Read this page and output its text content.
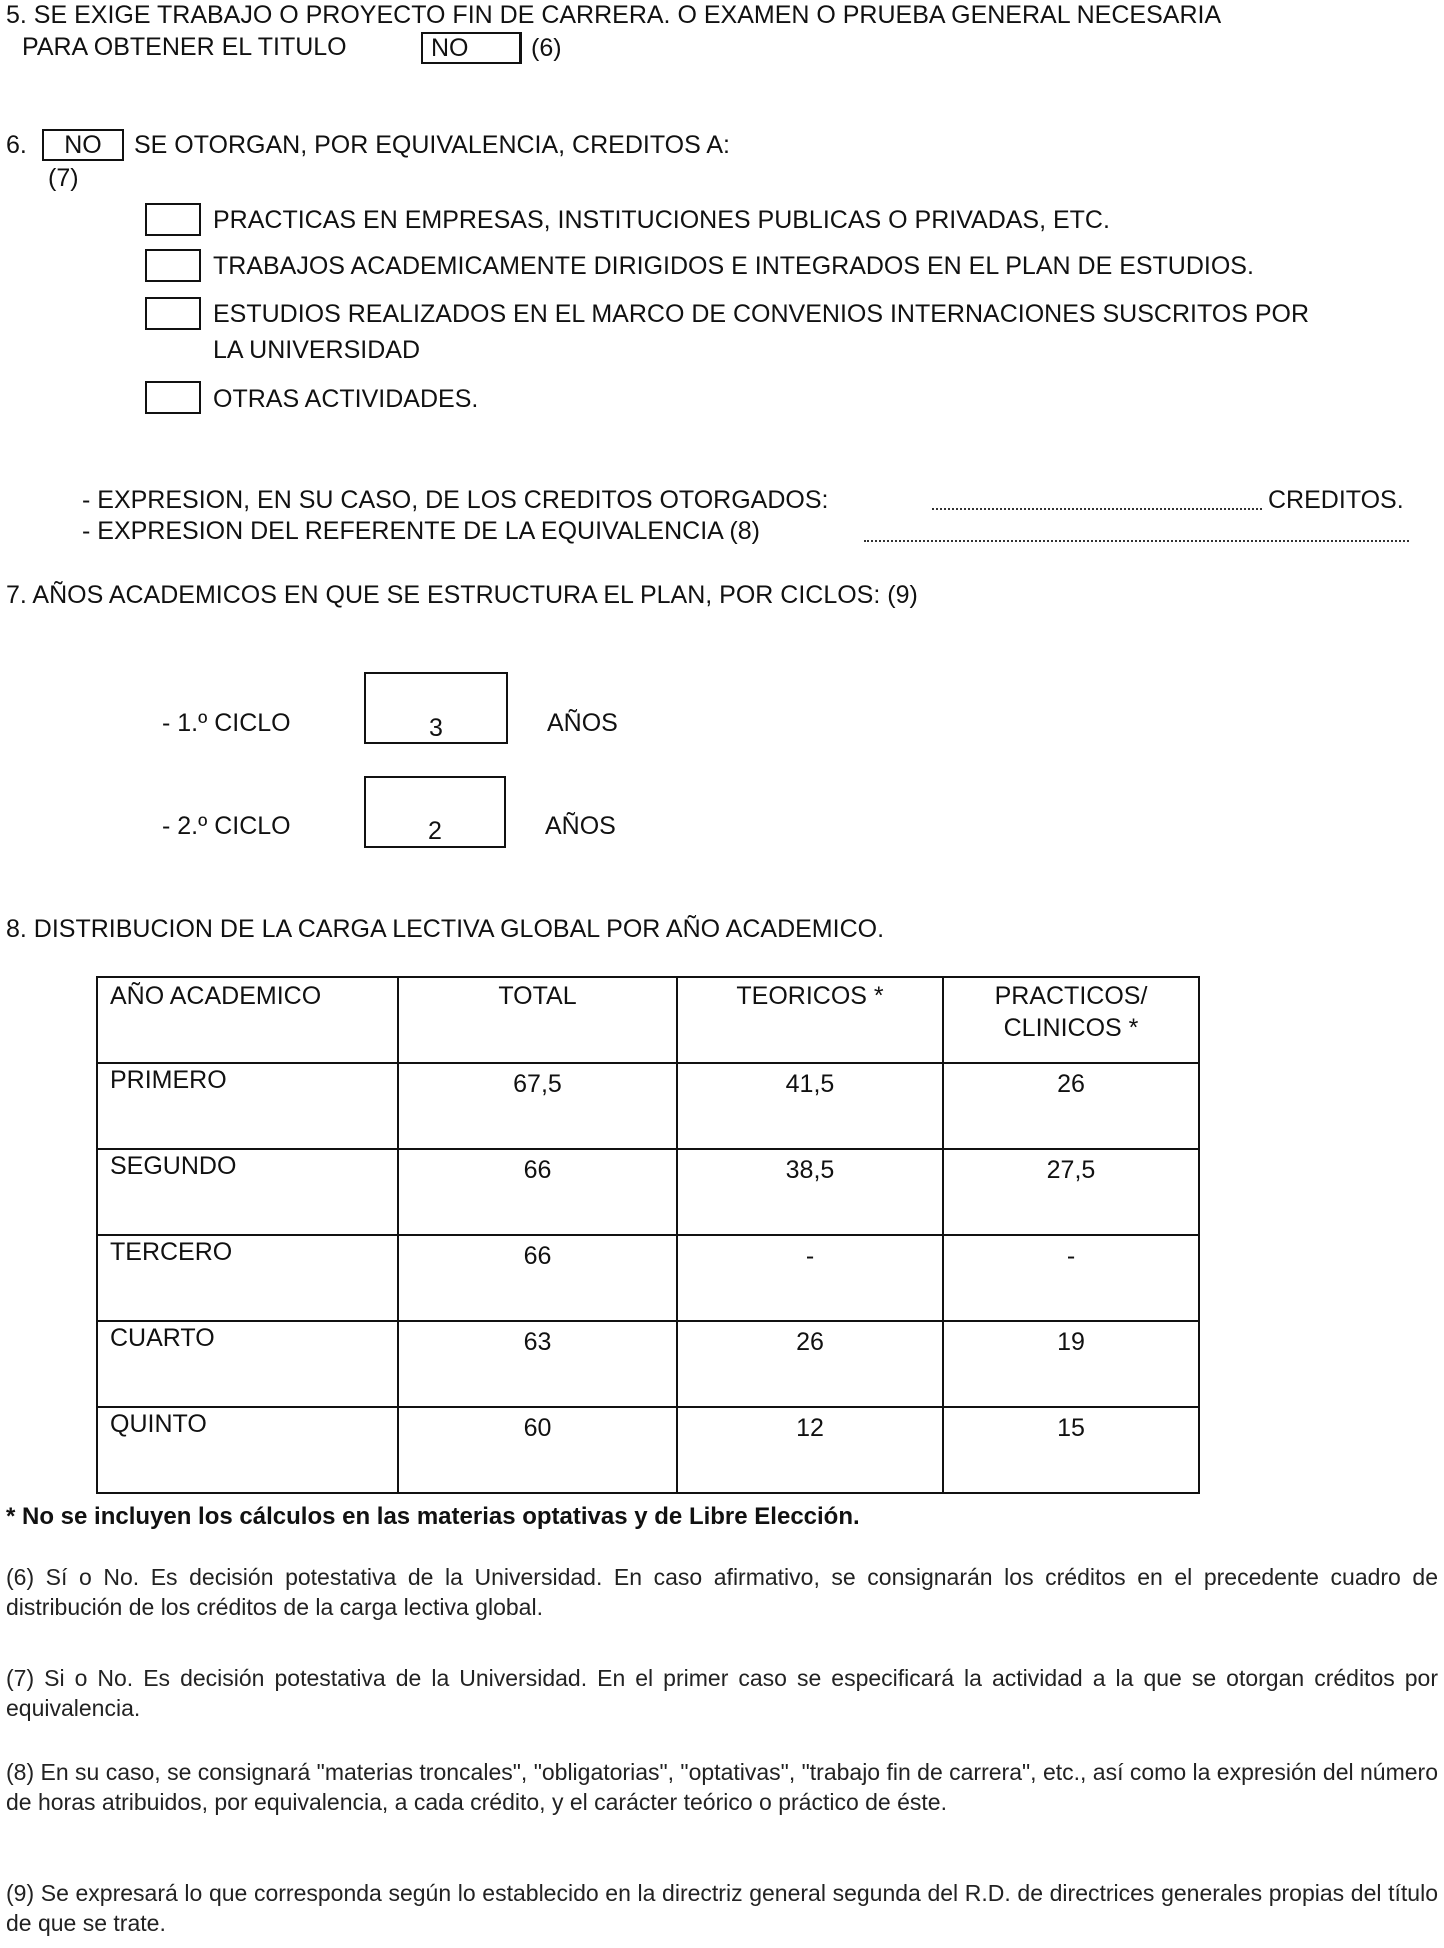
5. SE EXIGE TRABAJO O PROYECTO FIN DE CARRERA. O EXAMEN O PRUEBA GENERAL NECESARIA
PARA OBTENER EL TITULO	NO	(6)
6.	NO	SE OTORGAN, POR EQUIVALENCIA, CREDITOS A:
(7)
PRACTICAS EN EMPRESAS, INSTITUCIONES PUBLICAS O PRIVADAS, ETC.
TRABAJOS ACADEMICAMENTE DIRIGIDOS E INTEGRADOS EN EL PLAN DE ESTUDIOS.
ESTUDIOS REALIZADOS EN EL MARCO DE CONVENIOS INTERNACIONES SUSCRITOS POR
LA UNIVERSIDAD
OTRAS ACTIVIDADES.
- EXPRESION, EN SU CASO, DE LOS CREDITOS OTORGADOS:	CREDITOS.
- EXPRESION DEL REFERENTE DE LA EQUIVALENCIA (8)
7. AÑOS ACADEMICOS EN QUE SE ESTRUCTURA EL PLAN, POR CICLOS: (9)
- 1.º CICLO	3	AÑOS
- 2.º CICLO	2	AÑOS
8. DISTRIBUCION DE LA CARGA LECTIVA GLOBAL POR AÑO ACADEMICO.
AÑO ACADEMICO	TOTAL	TEORICOS *	PRACTICOS/
CLINICOS *
PRIMERO	67,5	41,5	26
SEGUNDO	66	38,5	27,5
TERCERO	66	-	-
CUARTO	63	26	19
QUINTO	60	12	15
* No se incluyen los cálculos en las materias optativas y de Libre Elección.
(6) Sí o No. Es decisión potestativa de la Universidad. En caso afirmativo, se consignarán los créditos en el precedente cuadro de distribución de los créditos de la carga lectiva global.
(7) Si o No. Es decisión potestativa de la Universidad. En el primer caso se especificará la actividad a la que se otorgan créditos por equivalencia.
(8) En su caso, se consignará "materias troncales", "obligatorias", "optativas", "trabajo fin de carrera", etc., así como la expresión del número de horas atribuidos, por equivalencia, a cada crédito, y el carácter teórico o práctico de éste.
(9) Se expresará lo que corresponda según lo establecido en la directriz general segunda del R.D. de directrices generales propias del título de que se trate.
